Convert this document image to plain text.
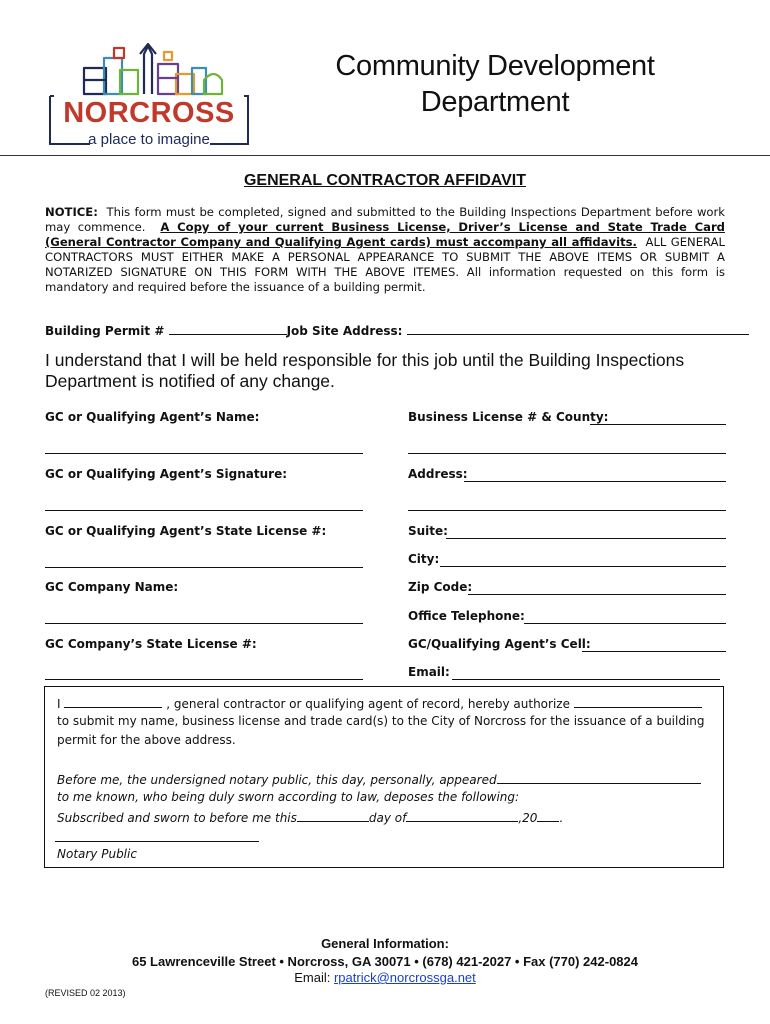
NORCROSS
a place to imagine
Community Development
Department
GENERAL CONTRACTOR AFFIDAVIT
NOTICE: This form must be completed, signed and submitted to the Building Inspections Department before work may commence. A Copy of your current Business License, Driver’s License and State Trade Card (General Contractor Company and Qualifying Agent cards) must accompany all affidavits. ALL GENERAL CONTRACTORS MUST EITHER MAKE A PERSONAL APPEARANCE TO SUBMIT THE ABOVE ITEMS OR SUBMIT A NOTARIZED SIGNATURE ON THIS FORM WITH THE ABOVE ITEMES. All information requested on this form is mandatory and required before the issuance of a building permit.
Building Permit #	Job Site Address:
I understand that I will be held responsible for this job until the Building Inspections Department is notified of any change.
GC or Qualifying Agent’s Name:
GC or Qualifying Agent’s Signature:
GC or Qualifying Agent’s State License #:
GC Company Name:
GC Company’s State License #:
Business License # & County:
Address:
Suite:
City:
Zip Code:
Office Telephone:
GC/Qualifying Agent’s Cell:
Email:
I	, general contractor or qualifying agent of record, hereby authorize
to submit my name, business license and trade card(s) to the City of Norcross for the issuance of a building
permit for the above address.
Before me, the undersigned notary public, this day, personally, appeared
to me known, who being duly sworn according to law, deposes the following:
Subscribed and sworn to before me this	day of	,20 .
Notary Public
General Information:
65 Lawrenceville Street • Norcross, GA 30071 • (678) 421-2027 • Fax (770) 242-0824
Email: rpatrick@norcrossga.net
(REVISED 02 2013)
